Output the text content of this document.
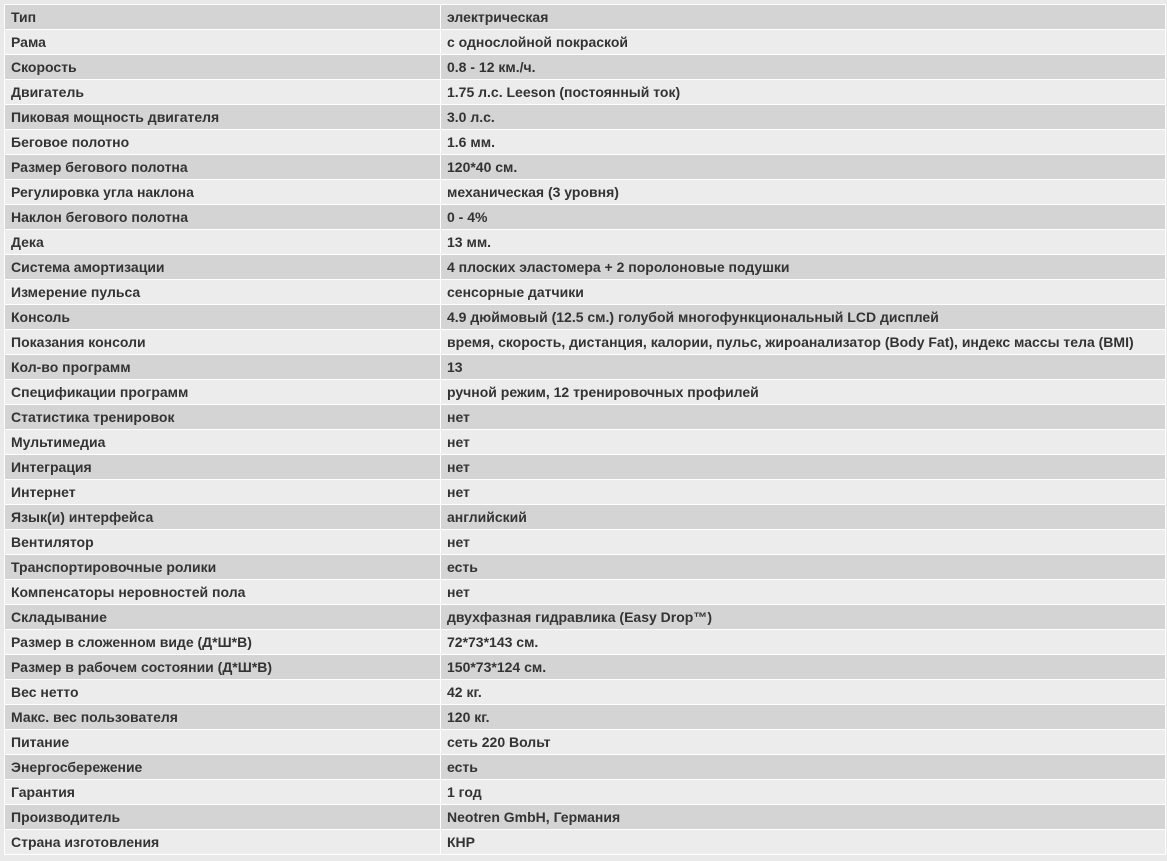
Тип	электрическая
Рама	с однослойной покраской
Скорость	0.8 - 12 км./ч.
Двигатель	1.75 л.с. Leeson (постоянный ток)
Пиковая мощность двигателя	3.0 л.с.
Беговое полотно	1.6 мм.
Размер бегового полотна	120*40 см.
Регулировка угла наклона	механическая (3 уровня)
Наклон бегового полотна	0 - 4%
Дека	13 мм.
Система амортизации	4 плоских эластомера + 2 поролоновые подушки
Измерение пульса	сенсорные датчики
Консоль	4.9 дюймовый (12.5 см.) голубой многофункциональный LCD дисплей
Показания консоли	время, скорость, дистанция, калории, пульс, жироанализатор (Body Fat), индекс массы тела (BMI)
Кол-во программ	13
Спецификации программ	ручной режим, 12 тренировочных профилей
Статистика тренировок	нет
Мультимедиа	нет
Интеграция	нет
Интернет	нет
Язык(и) интерфейса	английский
Вентилятор	нет
Транспортировочные ролики	есть
Компенсаторы неровностей пола	нет
Складывание	двухфазная гидравлика (Easy Drop™)
Размер в сложенном виде (Д*Ш*В)	72*73*143 см.
Размер в рабочем состоянии (Д*Ш*В)	150*73*124 см.
Вес нетто	42 кг.
Макс. вес пользователя	120 кг.
Питание	сеть 220 Вольт
Энергосбережение	есть
Гарантия	1 год
Производитель	Neotren GmbH, Германия
Страна изготовления	КНР
